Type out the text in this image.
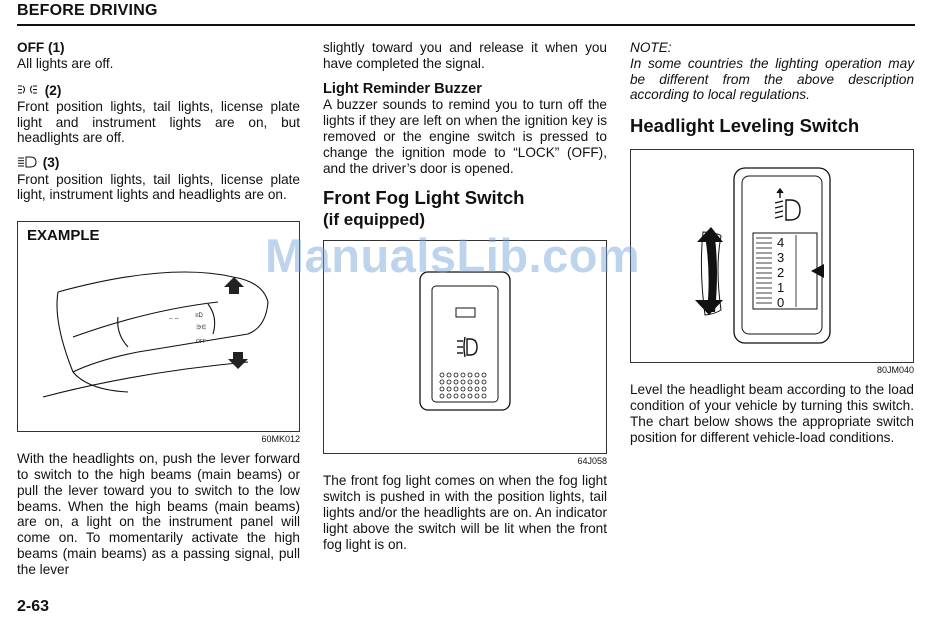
BEFORE DRIVING
OFF (1)

All lights are off.

(2)

Front position lights, tail lights, license plate light and instrument lights are on, but headlights are off.

(3)

Front position lights, tail lights, license plate light, instrument lights and headlights are on.

EXAMPLE
⇔⇔	≡D
∋∈
OFF
60MK012

With the headlights on, push the lever forward to switch to the high beams (main beams) or pull the lever toward you to switch to the low beams. When the high beams (main beams) are on, a light on the instrument panel will come on. To momentarily activate the high beams (main beams) as a passing signal, pull the lever

slightly toward you and release it when you have completed the signal.

Light Reminder Buzzer

A buzzer sounds to remind you to turn off the lights if they are left on when the ignition key is removed or the engine switch is pressed to change the ignition mode to “LOCK” (OFF), and the driver’s door is opened.

Front Fog Light Switch
(if equipped)
64J058

The front fog light comes on when the fog light switch is pushed in with the position lights, tail lights and/or the headlights are on. An indicator light above the switch will be lit when the front fog light is on.

NOTE:

In some countries the lighting operation may be different from the above description according to local regulations.

Headlight Leveling Switch
4
3
2
1
0
80JM040

Level the headlight beam according to the load condition of your vehicle by turning this switch. The chart below shows the appropriate switch position for different vehicle-load conditions.

ManualsLib.com
2-63
